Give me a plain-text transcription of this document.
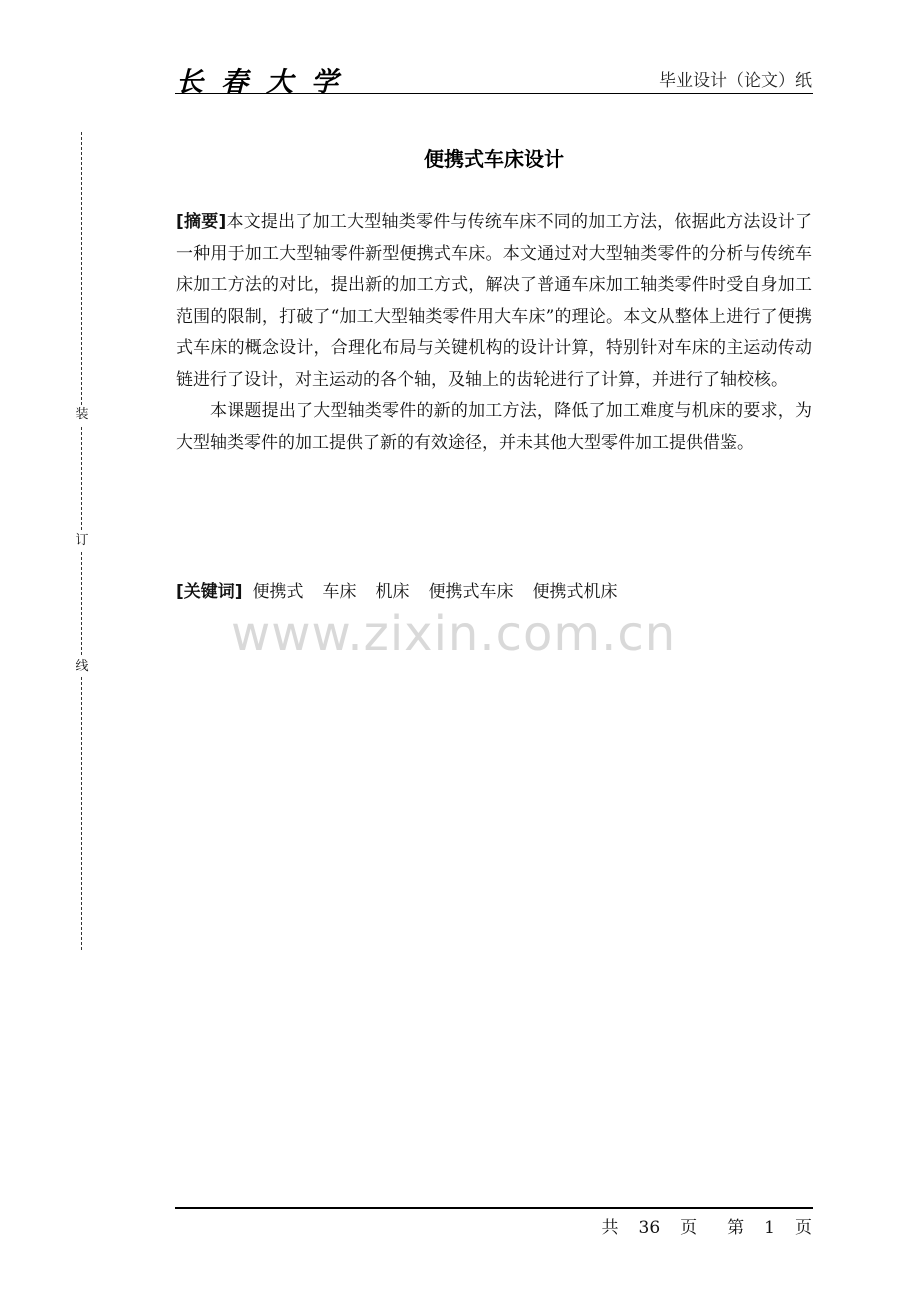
长春大学	毕业设计（论文）纸
装
订
线
便携式车床设计

[摘要]本文提出了加工大型轴类零件与传统车床不同的加工方法，依据此方法设计了一种用于加工大型轴零件新型便携式车床。本文通过对大型轴类零件的分析与传统车床加工方法的对比，提出新的加工方式，解决了普通车床加工轴类零件时受自身加工范围的限制，打破了“加工大型轴类零件用大车床”的理论。本文从整体上进行了便携式车床的概念设计，合理化布局与关键机构的设计计算，特别针对车床的主运动传动链进行了设计，对主运动的各个轴，及轴上的齿轮进行了计算，并进行了轴校核。

本课题提出了大型轴类零件的新的加工方法，降低了加工难度与机床的要求，为大型轴类零件的加工提供了新的有效途径，并未其他大型零件加工提供借鉴。

[关键词] 便携式 车床 机床 便携式车床 便携式机床
www.zixin.com.cn
共 36 页 第 1 页
